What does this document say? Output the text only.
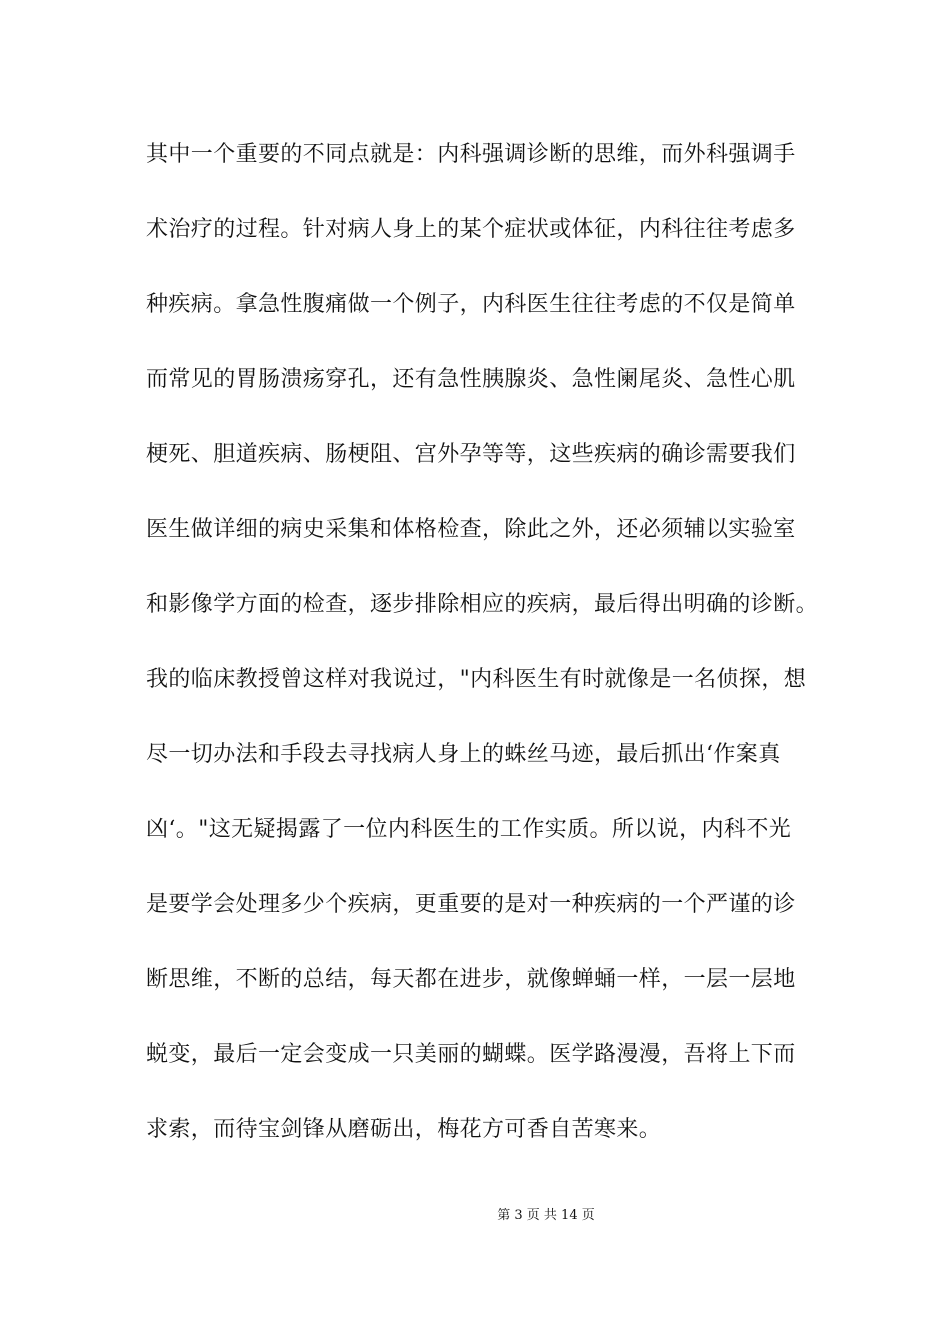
其中一个重要的不同点就是：内科强调诊断的思维，而外科强调手
术治疗的过程。针对病人身上的某个症状或体征，内科往往考虑多
种疾病。拿急性腹痛做一个例子，内科医生往往考虑的不仅是简单
而常见的胃肠溃疡穿孔，还有急性胰腺炎、急性阑尾炎、急性心肌
梗死、胆道疾病、肠梗阻、宫外孕等等，这些疾病的确诊需要我们
医生做详细的病史采集和体格检查，除此之外，还必须辅以实验室
和影像学方面的检查，逐步排除相应的疾病，最后得出明确的诊断。
我的临床教授曾这样对我说过，"内科医生有时就像是一名侦探，想
尽一切办法和手段去寻找病人身上的蛛丝马迹，最后抓出‘作案真
凶‘。"这无疑揭露了一位内科医生的工作实质。所以说，内科不光
是要学会处理多少个疾病，更重要的是对一种疾病的一个严谨的诊
断思维，不断的总结，每天都在进步，就像蝉蛹一样，一层一层地
蜕变，最后一定会变成一只美丽的蝴蝶。医学路漫漫，吾将上下而
求索，而待宝剑锋从磨砺出，梅花方可香自苦寒来。
第 3 页 共 14 页
